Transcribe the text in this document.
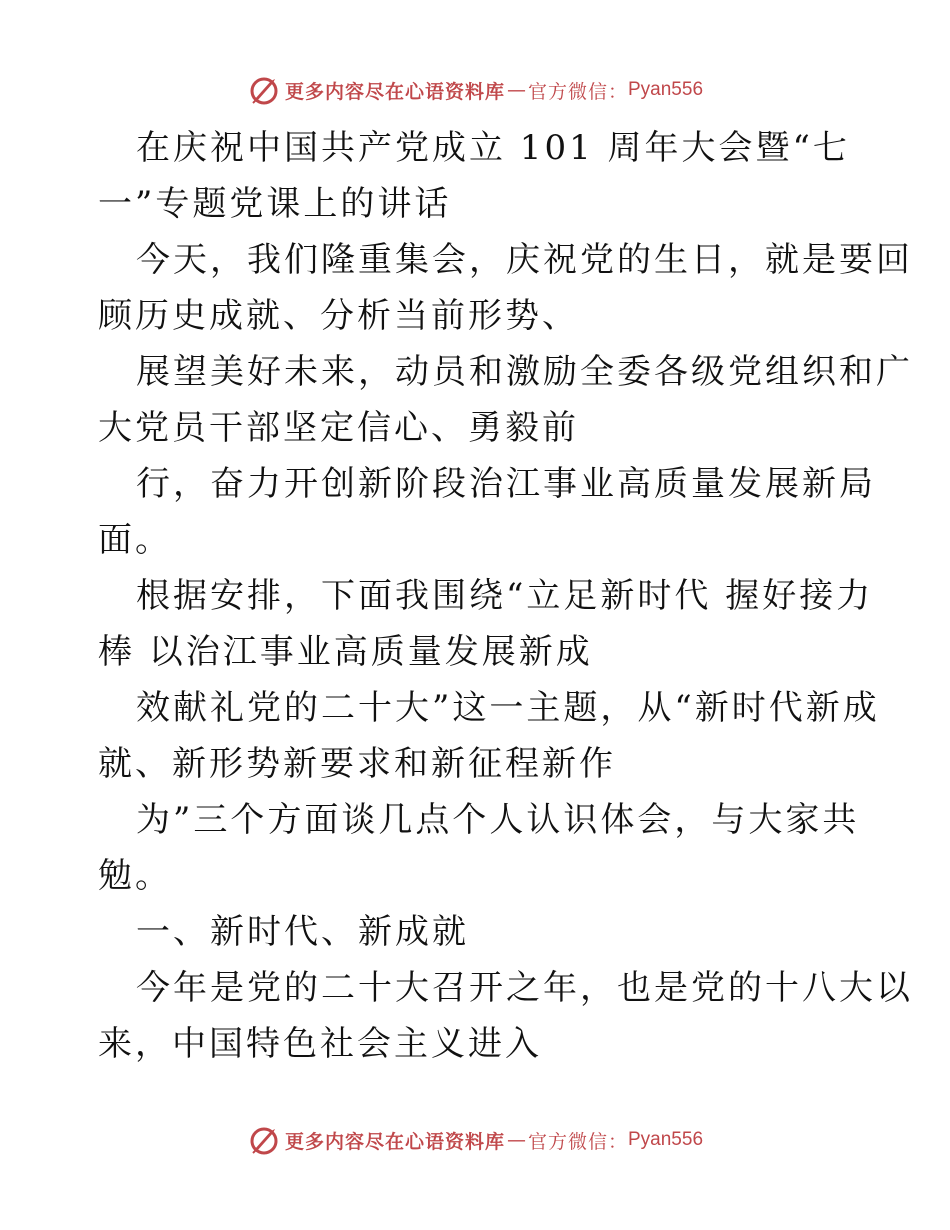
更多内容尽在心语资料库 — 官方微信： Pyan556
在庆祝中国共产党成立 101 周年大会暨“七
一”专题党课上的讲话
今天，我们隆重集会，庆祝党的生日，就是要回
顾历史成就、分析当前形势、
展望美好未来，动员和激励全委各级党组织和广
大党员干部坚定信心、勇毅前
行，奋力开创新阶段治江事业高质量发展新局
面。
根据安排，下面我围绕“立足新时代 握好接力
棒 以治江事业高质量发展新成
效献礼党的二十大”这一主题，从“新时代新成
就、新形势新要求和新征程新作
为”三个方面谈几点个人认识体会，与大家共
勉。
一、新时代、新成就
今年是党的二十大召开之年，也是党的十八大以
来，中国特色社会主义进入
更多内容尽在心语资料库 — 官方微信： Pyan556
